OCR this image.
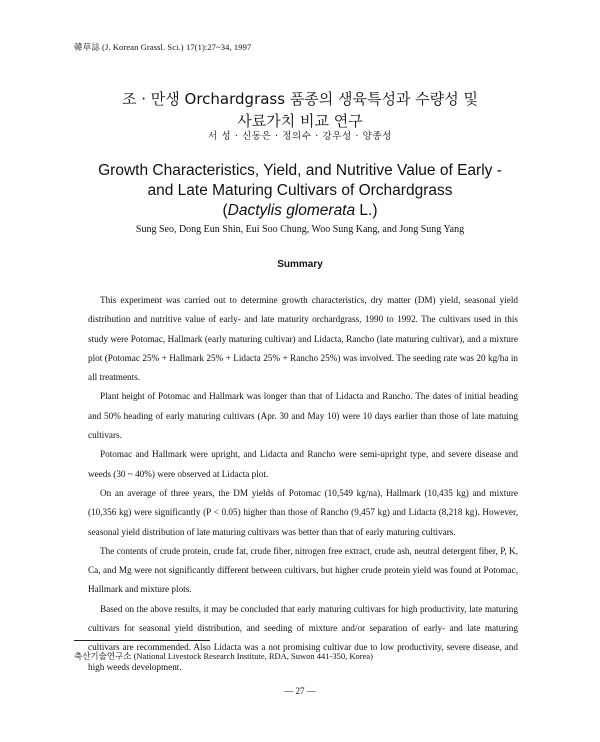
韓草誌 (J. Korean Grassl. Sci.) 17(1):27~34, 1997
조 · 만생 Orchardgrass 품종의 생육특성과 수량성 및
사료가치 비교 연구
서 성 · 신동은 · 정의수 · 강우성 · 양종성
Growth Characteristics, Yield, and Nutritive Value of Early -
and Late Maturing Cultivars of Orchardgrass
(Dactylis glomerata L.)
Sung Seo, Dong Eun Shin, Eui Soo Chung, Woo Sung Kang, and Jong Sung Yang
Summary

This experiment was carried out to determine growth characteristics, dry matter (DM) yield, seasonal yield distribution and nutritive value of early- and late maturity orchardgrass, 1990 to 1992. The cultivars used in this study were Potomac, Hallmark (early maturing cultivar) and Lidacta, Rancho (late maturing cultivar), and a mixture plot (Potomac 25% + Hallmark 25% + Lidacta 25% + Rancho 25%) was involved. The seeding rate was 20 kg/ha in all treatments.

Plant height of Potomac and Hallmark was longer than that of Lidacta and Rancho. The dates of initial heading and 50% heading of early maturing cultivars (Apr. 30 and May 10) were 10 days earlier than those of late matuing cultivars.

Potomac and Hallmark were upright, and Lidacta and Rancho were semi-upright type, and severe disease and weeds (30 ~ 40%) were observed at Lidacta plot.

On an average of three years, the DM yields of Potomac (10,549 kg/na), Hallmark (10,435 kg) and mixture (10,356 kg) were significantly (P < 0.05) higher than those of Rancho (9,457 kg) and Lidacta (8,218 kg). However, seasonal yield distribution of late maturing cultivars was better than that of early maturing cultivars.

The contents of crude protein, crude fat, crude fiber, nitrogen free extract, crude ash, neutral detergent fiber, P, K, Ca, and Mg were not significantly different between cultivars, but higher crude protein yield was found at Potomac, Hallmark and mixture plots.

Based on the above results, it may be concluded that early maturing cultivars for high productivity, late maturing cultivars for seasonal yield distribution, and seeding of mixture and/or separation of early- and late maturing cultivars are recommended. Also Lidacta was a not promising cultivar due to low productivity, severe disease, and high weeds development.

축산기술연구소 (National Livestock Research Institute, RDA, Suwon 441-350, Korea)
— 27 —
